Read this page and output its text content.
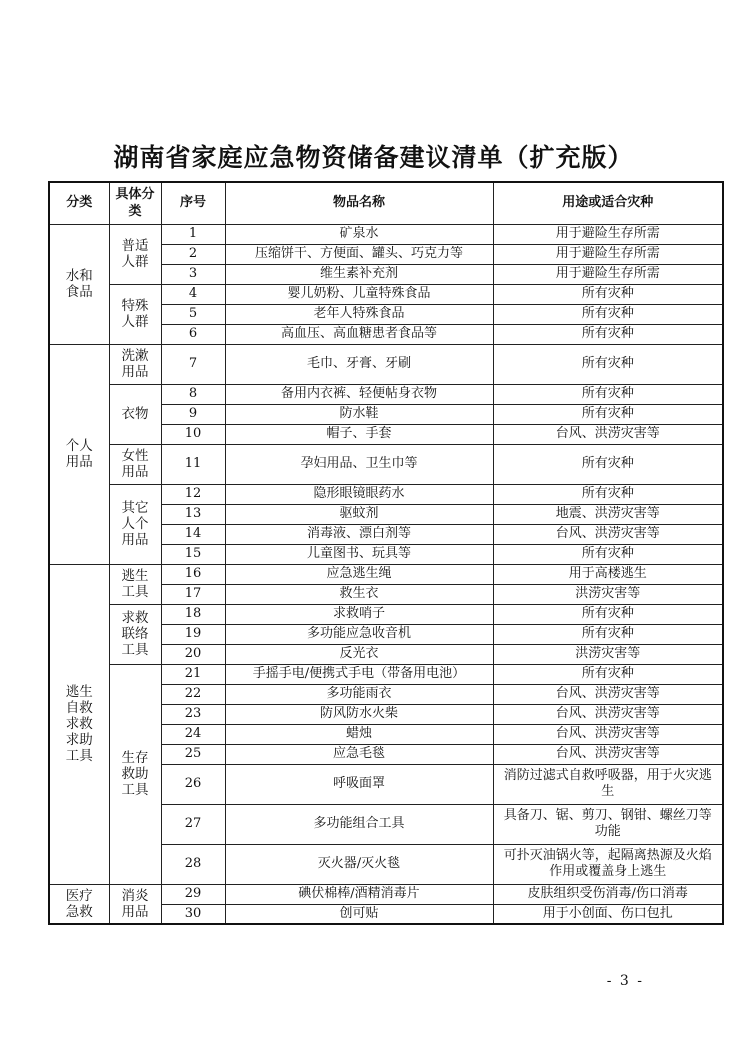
湖南省家庭应急物资储备建议清单（扩充版）
分类	具体分类	序号	物品名称	用途或适合灾种
水和食品	普适人群	1	矿泉水	用于避险生存所需
		2	压缩饼干、方便面、罐头、巧克力等	用于避险生存所需
		3	维生素补充剂	用于避险生存所需
	特殊人群	4	婴儿奶粉、儿童特殊食品	所有灾种
		5	老年人特殊食品	所有灾种
		6	高血压、高血糖患者食品等	所有灾种
个人用品	洗漱用品	7	毛巾、牙膏、牙刷	所有灾种
	衣物	8	备用内衣裤、轻便帖身衣物	所有灾种
		9	防水鞋	所有灾种
		10	帽子、手套	台风、洪涝灾害等
	女性用品	11	孕妇用品、卫生巾等	所有灾种
	其它人个用品	12	隐形眼镜眼药水	所有灾种
		13	驱蚊剂	地震、洪涝灾害等
		14	消毒液、漂白剂等	台风、洪涝灾害等
		15	儿童图书、玩具等	所有灾种
逃生自救求救求助工具	逃生工具	16	应急逃生绳	用于高楼逃生
		17	救生衣	洪涝灾害等
	求救联络工具	18	求救哨子	所有灾种
		19	多功能应急收音机	所有灾种
		20	反光衣	洪涝灾害等
	生存救助工具	21	手摇手电/便携式手电（带备用电池）	所有灾种
		22	多功能雨衣	台风、洪涝灾害等
		23	防风防水火柴	台风、洪涝灾害等
		24	蜡烛	台风、洪涝灾害等
		25	应急毛毯	台风、洪涝灾害等
		26	呼吸面罩	消防过滤式自救呼吸器，用于火灾逃生
		27	多功能组合工具	具备刀、锯、剪刀、钢钳、螺丝刀等功能
		28	灭火器/灭火毯	可扑灭油锅火等，起隔离热源及火焰作用或覆盖身上逃生
医疗急救	消炎用品	29	碘伏棉棒/酒精消毒片	皮肤组织受伤消毒/伤口消毒
		30	创可贴	用于小创面、伤口包扎
- 3 -
